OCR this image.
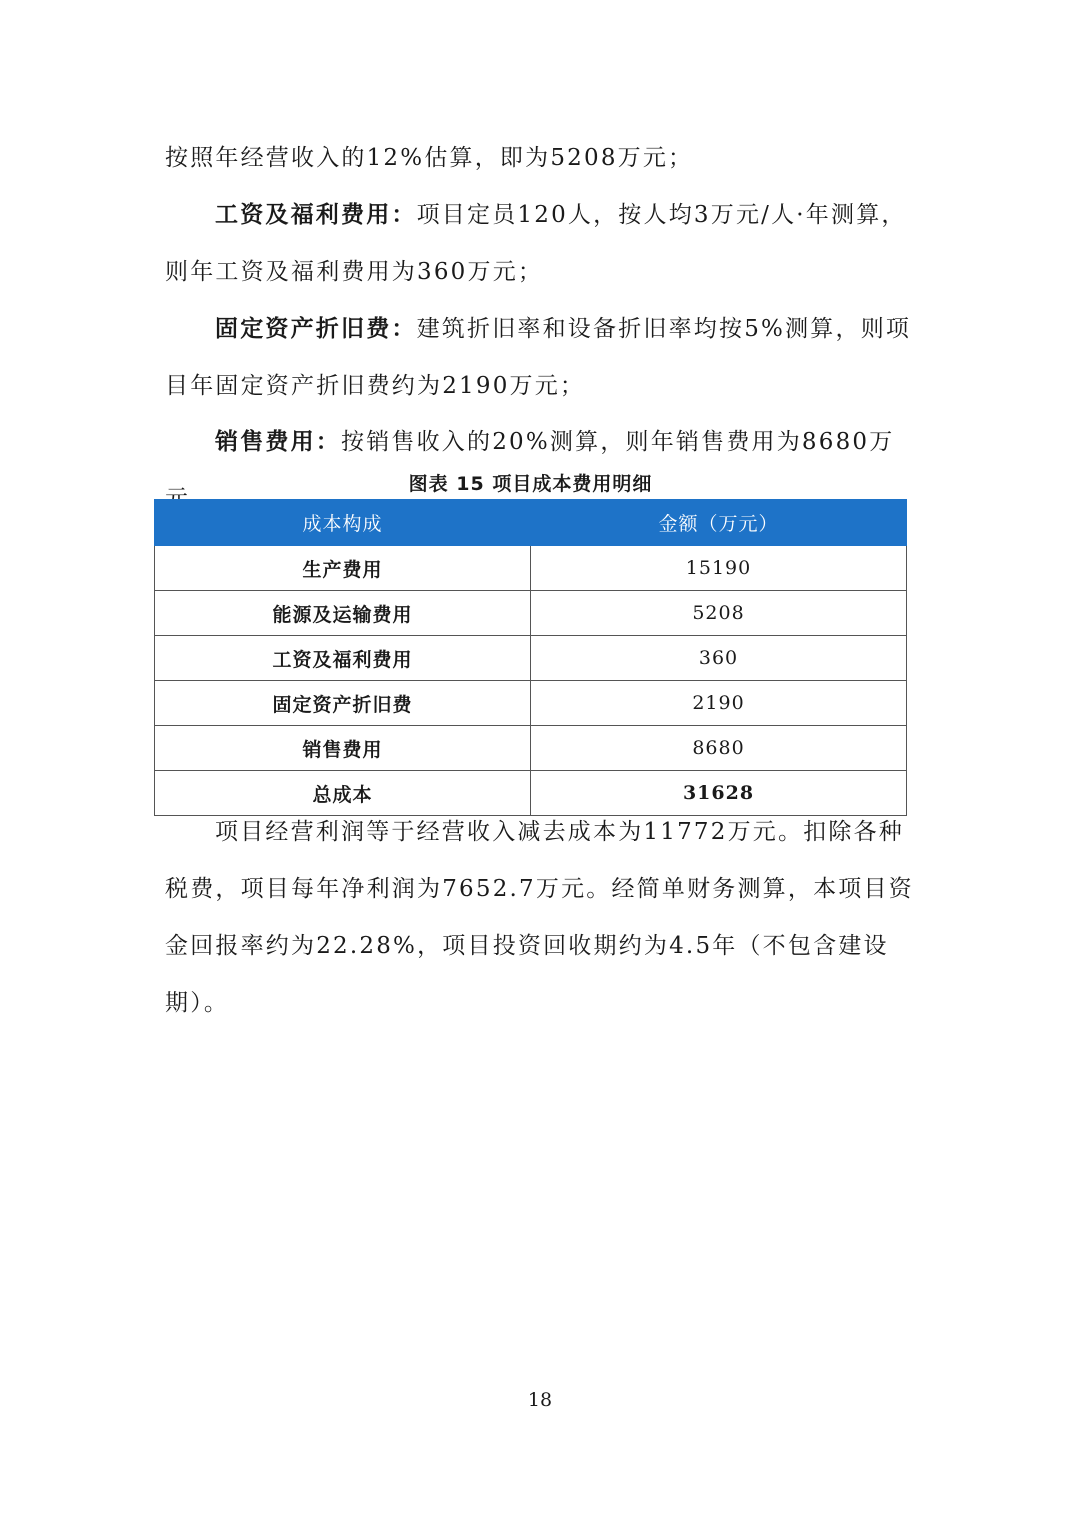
按照年经营收入的12%估算，即为5208万元；

工资及福利费用：项目定员120人，按人均3万元/人·年测算，则年工资及福利费用为360万元；

固定资产折旧费：建筑折旧率和设备折旧率均按5%测算，则项目年固定资产折旧费约为2190万元；

销售费用：按销售收入的20%测算，则年销售费用为8680万

图表 15 项目成本费用明细
成本构成	金额（万元）
生产费用	15190
能源及运输费用	5208
工资及福利费用	360
固定资产折旧费	2190
销售费用	8680
总成本	31628

项目经营利润等于经营收入减去成本为11772万元。扣除各种税费，项目每年净利润为7652.7万元。经简单财务测算，本项目资金回报率约为22.28%，项目投资回收期约为4.5年（不包含建设期）。

18
